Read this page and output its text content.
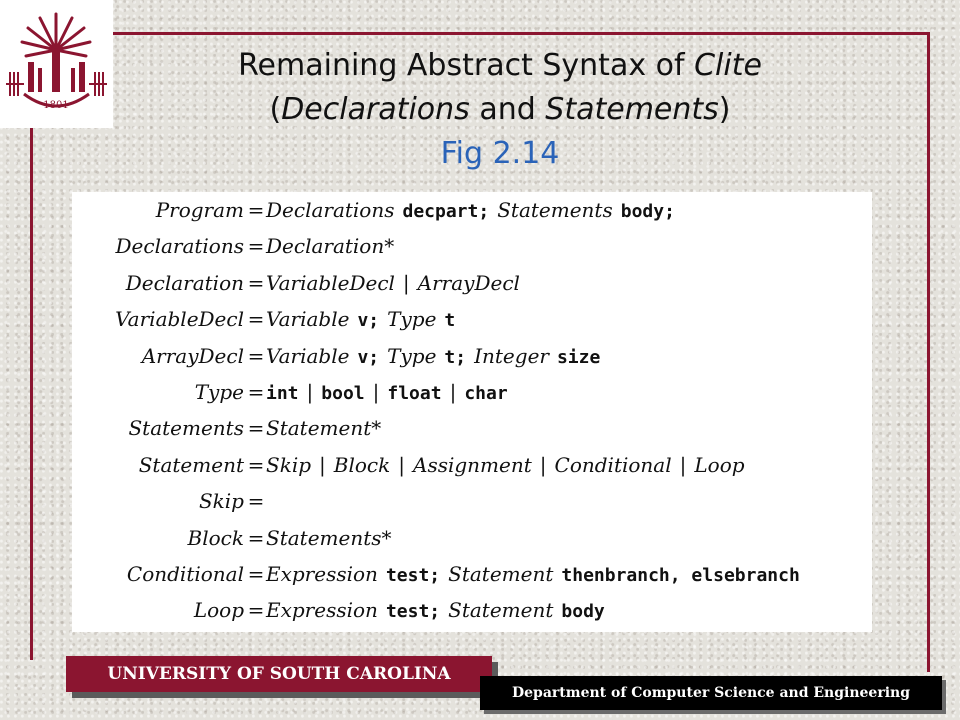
1801
Remaining Abstract Syntax of Clite
(Declarations and Statements)
Fig 2.14
Program = Declarations decpart; Statements body;
Declarations = Declaration*
Declaration = VariableDecl | ArrayDecl
VariableDecl = Variable v; Type t
ArrayDecl = Variable v; Type t; Integer size
Type = int | bool | float | char
Statements = Statement*
Statement = Skip | Block | Assignment | Conditional | Loop
Skip =
Block = Statements*
Conditional = Expression test; Statement thenbranch, elsebranch
Loop = Expression test; Statement body
UNIVERSITY OF SOUTH CAROLINA
Department of Computer Science and Engineering
